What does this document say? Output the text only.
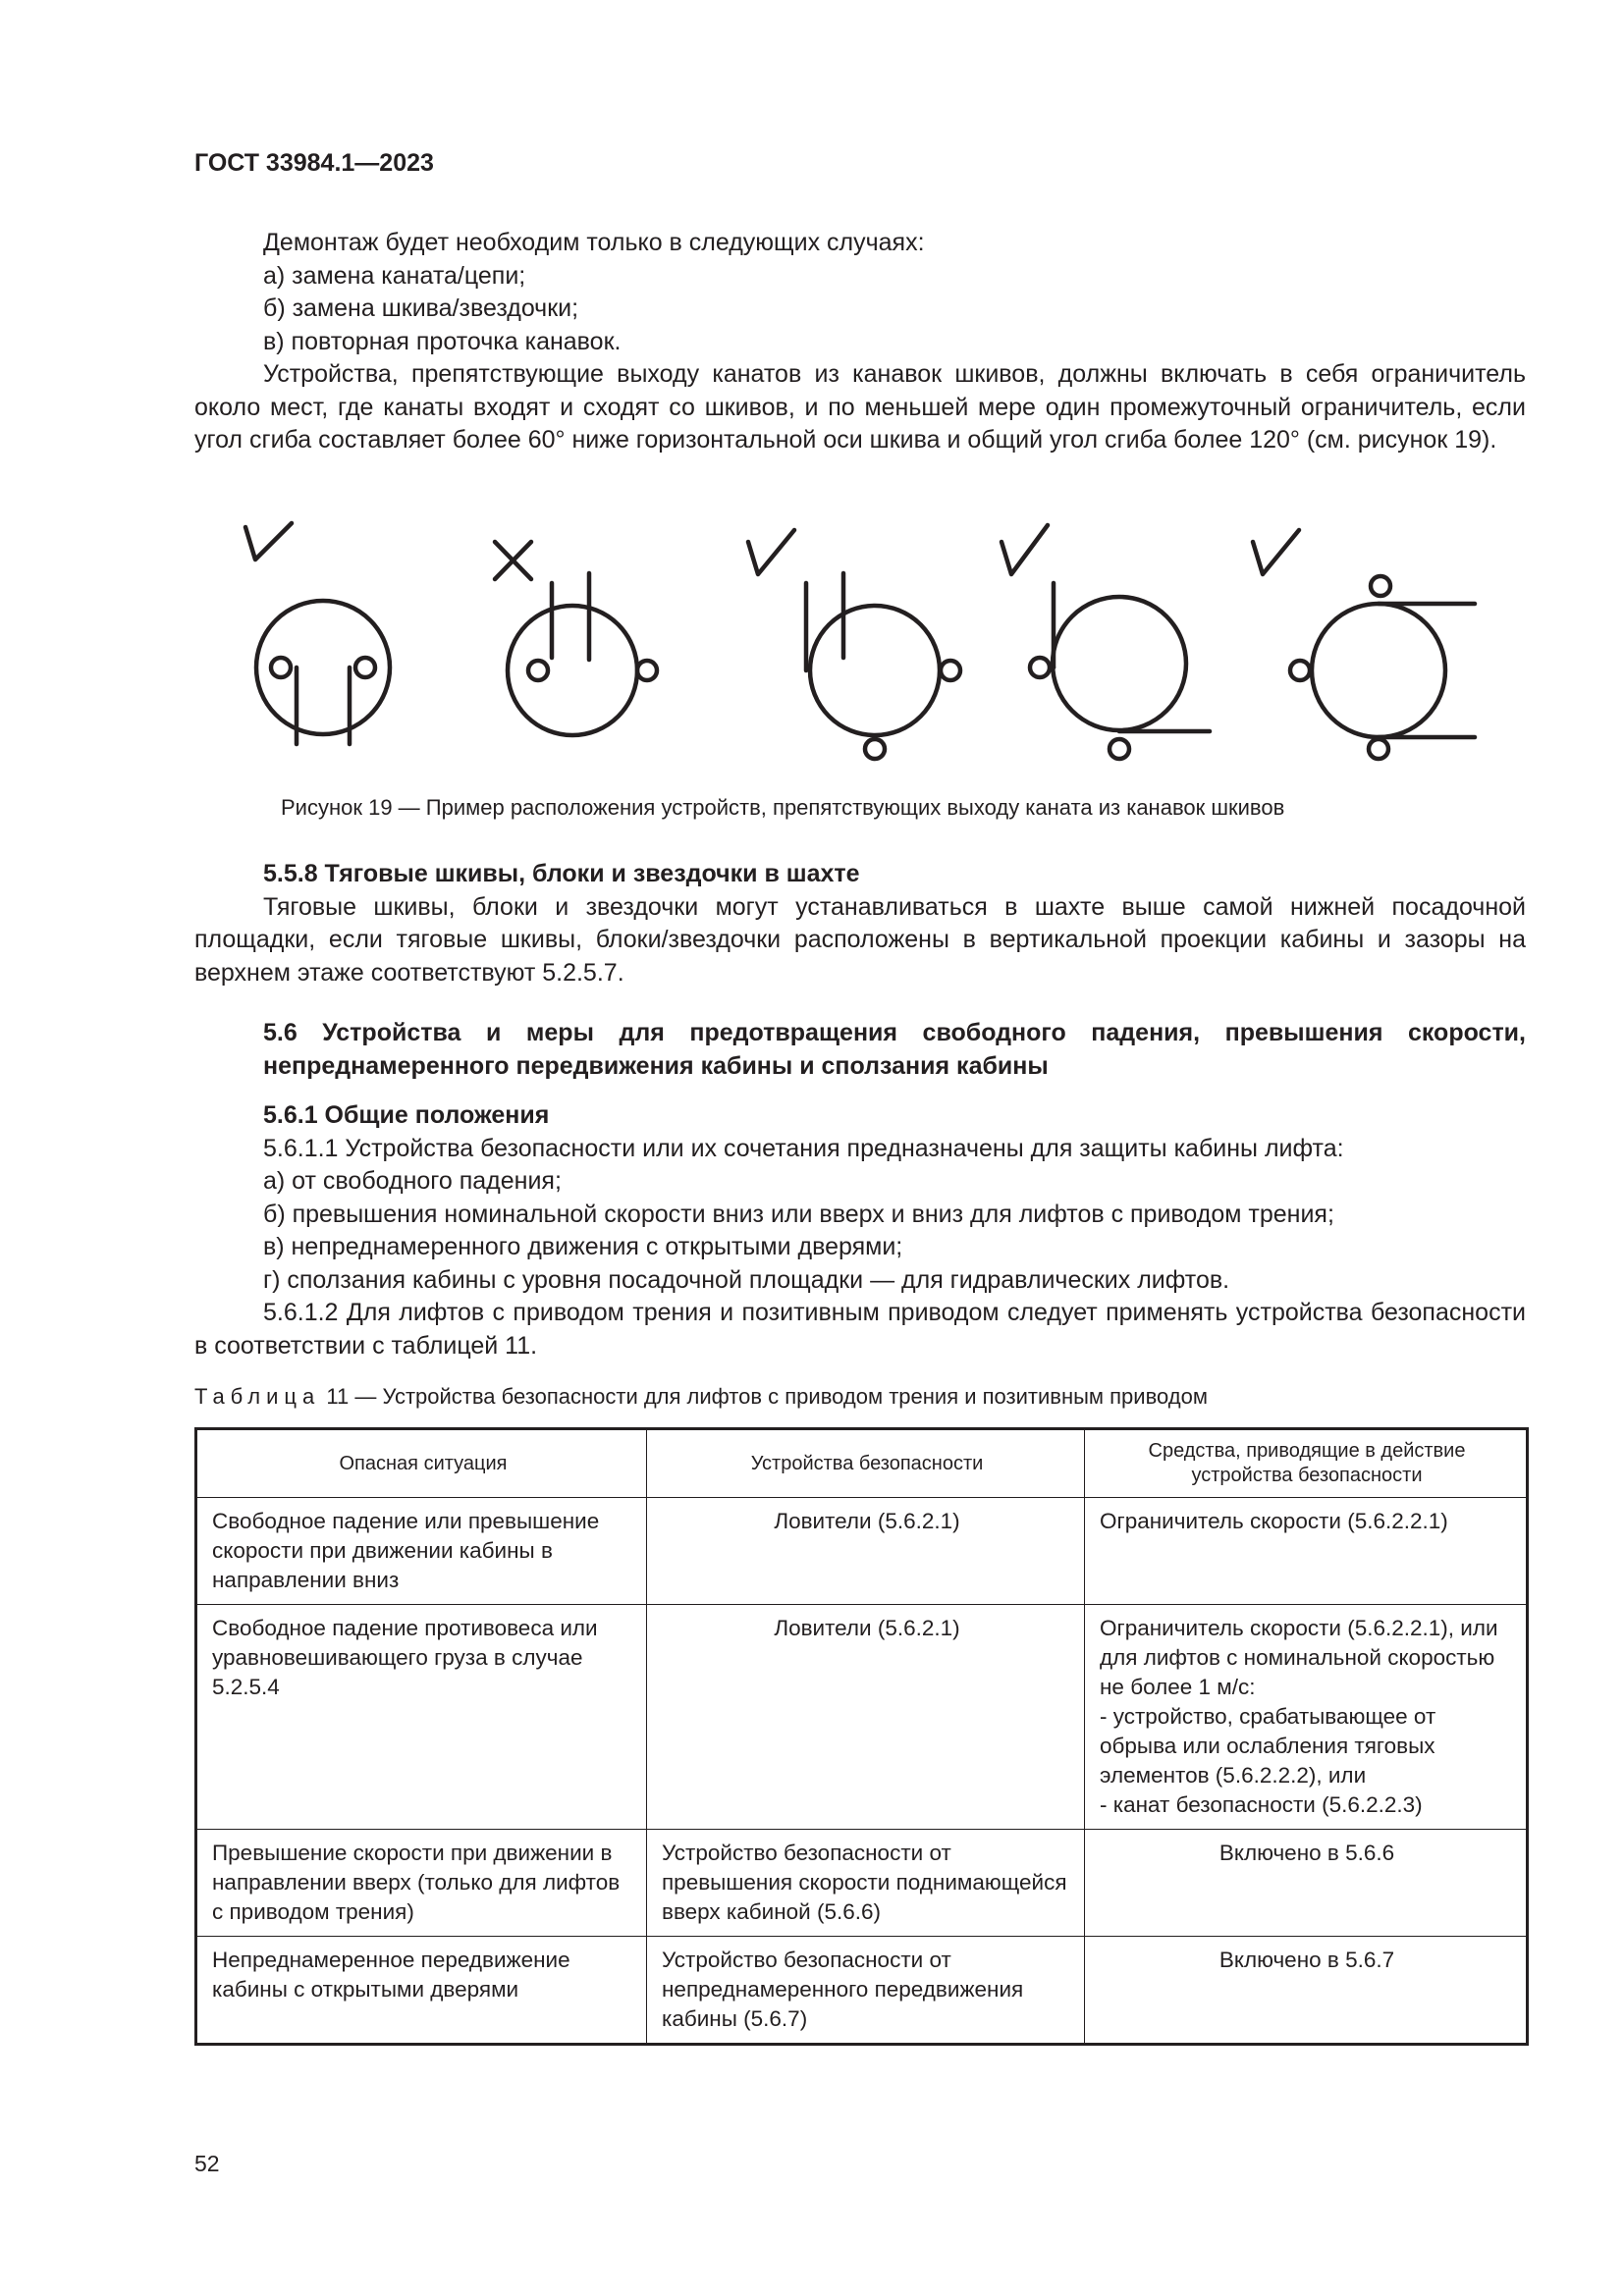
ГОСТ 33984.1—2023

Демонтаж будет необходим только в следующих случаях:

а) замена каната/цепи;

б) замена шкива/звездочки;

в) повторная проточка канавок.

Устройства, препятствующие выходу канатов из канавок шкивов, должны включать в себя ограничитель около мест, где канаты входят и сходят со шкивов, и по меньшей мере один промежуточный ограничитель, если угол сгиба составляет более 60° ниже горизонтальной оси шкива и общий угол сгиба более 120° (см. рисунок 19).

Рисунок 19 — Пример расположения устройств, препятствующих выходу каната из канавок шкивов

5.5.8 Тяговые шкивы, блоки и звездочки в шахте

Тяговые шкивы, блоки и звездочки могут устанавливаться в шахте выше самой нижней посадочной площадки, если тяговые шкивы, блоки/звездочки расположены в вертикальной проекции кабины и зазоры на верхнем этаже соответствуют 5.2.5.7.

5.6 Устройства и меры для предотвращения свободного падения, превышения скорости, непреднамеренного передвижения кабины и сползания кабины

5.6.1 Общие положения

5.6.1.1 Устройства безопасности или их сочетания предназначены для защиты кабины лифта:

а) от свободного падения;

б) превышения номинальной скорости вниз или вверх и вниз для лифтов с приводом трения;

в) непреднамеренного движения с открытыми дверями;

г) сползания кабины с уровня посадочной площадки — для гидравлических лифтов.

5.6.1.2 Для лифтов с приводом трения и позитивным приводом следует применять устройства безопасности в соответствии с таблицей 11.

Таблица 11 — Устройства безопасности для лифтов с приводом трения и позитивным приводом
Опасная ситуация	Устройства безопасности	Средства, приводящие в действие устройства безопасности
Свободное падение или превышение скорости при движении кабины в направлении вниз	Ловители (5.6.2.1)	Ограничитель скорости (5.6.2.2.1)
Свободное падение противовеса или уравновешивающего груза в случае 5.2.5.4	Ловители (5.6.2.1)	Ограничитель скорости (5.6.2.2.1), или для лифтов с номинальной скоростью не более 1 м/с:
- устройство, срабатывающее от обрыва или ослабления тяговых элементов (5.6.2.2.2), или
- канат безопасности (5.6.2.2.3)
Превышение скорости при движении в направлении вверх (только для лифтов с приводом трения)	Устройство безопасности от превышения скорости поднимающейся вверх кабиной (5.6.6)	Включено в 5.6.6
Непреднамеренное передвижение кабины с открытыми дверями	Устройство безопасности от непреднамеренного передвижения кабины (5.6.7)	Включено в 5.6.7
52
